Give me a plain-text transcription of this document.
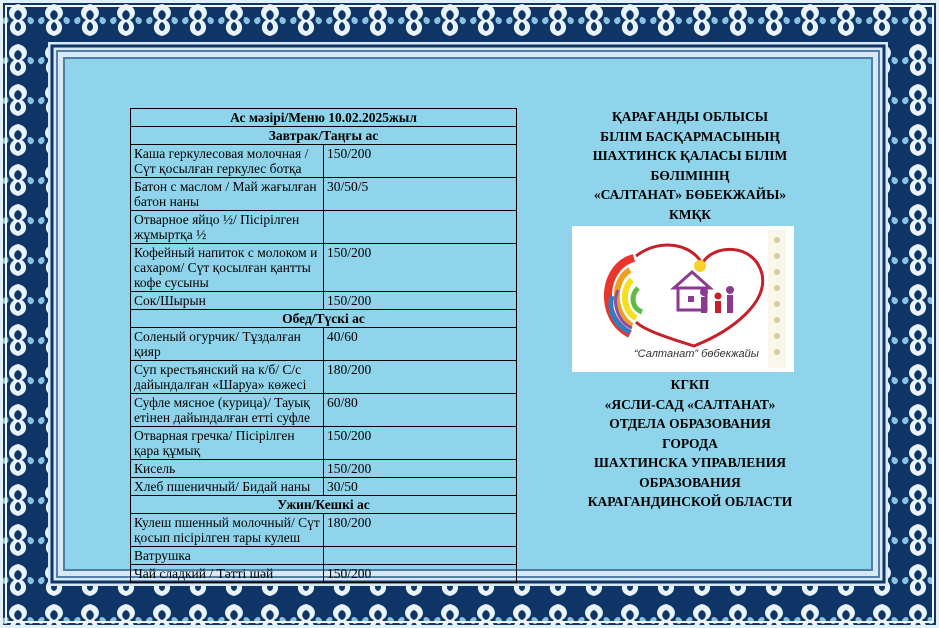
Ас мәзірі/Меню 10.02.2025жыл	
Завтрак/Таңғы ас	
Каша геркулесовая молочная / Сүт қосылған геркулес ботқа	150/200
Батон с маслом / Май жағылған батон наны	30/50/5
Отварное яйцо ½/ Пісірілген жұмыртқа ½	
Кофейный напиток с молоком и сахаром/ Сүт қосылған қантты кофе сусыны	150/200
Сок/Шырын	150/200
Обед/Түскі ас	
Соленый огурчик/ Тұздалған қияр	40/60
Суп крестьянский на к/б/ С/с дайындалған «Шаруа» көжесі	180/200
Суфле мясное (курица)/ Тауық етінен дайындалған етті суфле	60/80
Отварная гречка/ Пісірілген қара құмық	150/200
Кисель	150/200
Хлеб пшеничный/ Бидай наны	30/50
Ужин/Кешкі ас	
Кулеш пшенный молочный/ Сүт қосып пісірілген тары кулеш	180/200
Ватрушка	
Чай сладкий / Тәтті шәй	150/200
ҚАРАҒАНДЫ ОБЛЫСЫ
БІЛІМ БАСҚАРМАСЫНЫҢ
ШАХТИНСК ҚАЛАСЫ БІЛІМ
БӨЛІМІНІҢ
«САЛТАНАТ» БӨБЕКЖАЙЫ»
КМҚК
“Салтанат” бөбекжайы
КГКП
«ЯСЛИ-САД «САЛТАНАТ»
ОТДЕЛА ОБРАЗОВАНИЯ
ГОРОДА
ШАХТИНСКА УПРАВЛЕНИЯ
ОБРАЗОВАНИЯ
КАРАГАНДИНСКОЙ ОБЛАСТИ
